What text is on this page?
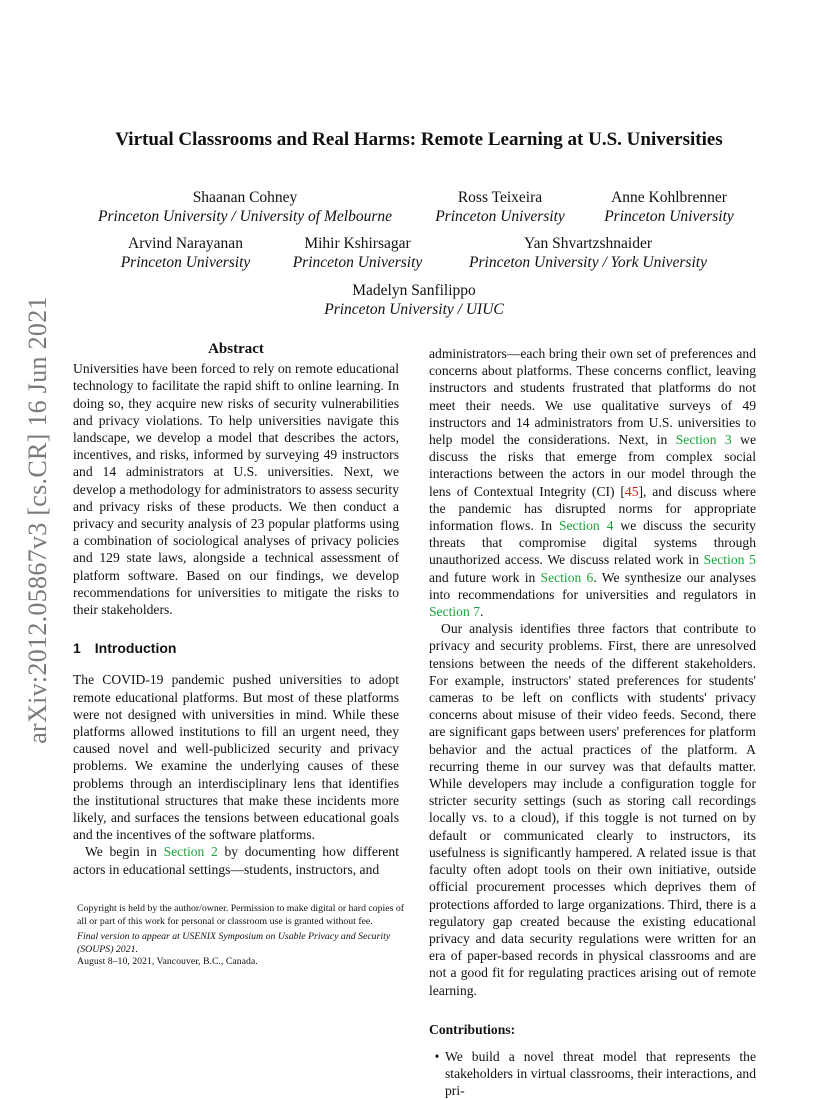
arXiv:2012.05867v3 [cs.CR] 16 Jun 2021
Virtual Classrooms and Real Harms: Remote Learning at U.S. Universities
Shaanan Cohney
Princeton University / University of Melbourne
Ross Teixeira
Princeton University
Anne Kohlbrenner
Princeton University
Arvind Narayanan
Princeton University
Mihir Kshirsagar
Princeton University
Yan Shvartzshnaider
Princeton University / York University
Madelyn Sanfilippo
Princeton University / UIUC
Abstract

Universities have been forced to rely on remote educational technology to facilitate the rapid shift to online learning. In doing so, they acquire new risks of security vulnerabilities and privacy violations. To help universities navigate this landscape, we develop a model that describes the actors, incentives, and risks, informed by surveying 49 instructors and 14 administrators at U.S. universities. Next, we develop a methodology for administrators to assess security and privacy risks of these products. We then conduct a privacy and security analysis of 23 popular platforms using a combination of sociological analyses of privacy policies and 129 state laws, alongside a technical assessment of platform software. Based on our findings, we develop recommendations for universities to mitigate the risks to their stakeholders.

1 Introduction

The COVID-19 pandemic pushed universities to adopt remote educational platforms. But most of these platforms were not designed with universities in mind. While these platforms allowed institutions to fill an urgent need, they caused novel and well-publicized security and privacy problems. We examine the underlying causes of these problems through an interdisciplinary lens that identifies the institutional structures that make these incidents more likely, and surfaces the tensions between educational goals and the incentives of the software platforms.

We begin in Section 2 by documenting how different actors in educational settings—students, instructors, and

Copyright is held by the author/owner. Permission to make digital or hard copies of all or part of this work for personal or classroom use is granted without fee.

Final version to appear at USENIX Symposium on Usable Privacy and Security (SOUPS) 2021.

August 8–10, 2021, Vancouver, B.C., Canada.

administrators—each bring their own set of preferences and concerns about platforms. These concerns conflict, leaving instructors and students frustrated that platforms do not meet their needs. We use qualitative surveys of 49 instructors and 14 administrators from U.S. universities to help model the considerations. Next, in Section 3 we discuss the risks that emerge from complex social interactions between the actors in our model through the lens of Contextual Integrity (CI) [45], and discuss where the pandemic has disrupted norms for appropriate information flows. In Section 4 we discuss the security threats that compromise digital systems through unauthorized access. We discuss related work in Section 5 and future work in Section 6. We synthesize our analyses into recommendations for universities and regulators in Section 7.

Our analysis identifies three factors that contribute to privacy and security problems. First, there are unresolved tensions between the needs of the different stakeholders. For example, instructors' stated preferences for students' cameras to be left on conflicts with students' privacy concerns about misuse of their video feeds. Second, there are significant gaps between users' preferences for platform behavior and the actual practices of the platform. A recurring theme in our survey was that defaults matter. While developers may include a configuration toggle for stricter security settings (such as storing call recordings locally vs. to a cloud), if this toggle is not turned on by default or communicated clearly to instructors, its usefulness is significantly hampered. A related issue is that faculty often adopt tools on their own initiative, outside official procurement processes which deprives them of protections afforded to large organizations. Third, there is a regulatory gap created because the existing educational privacy and data security regulations were written for an era of paper-based records in physical classrooms and are not a good fit for regulating practices arising out of remote learning.

Contributions:
• We build a novel threat model that represents the stakeholders in virtual classrooms, their interactions, and pri-
